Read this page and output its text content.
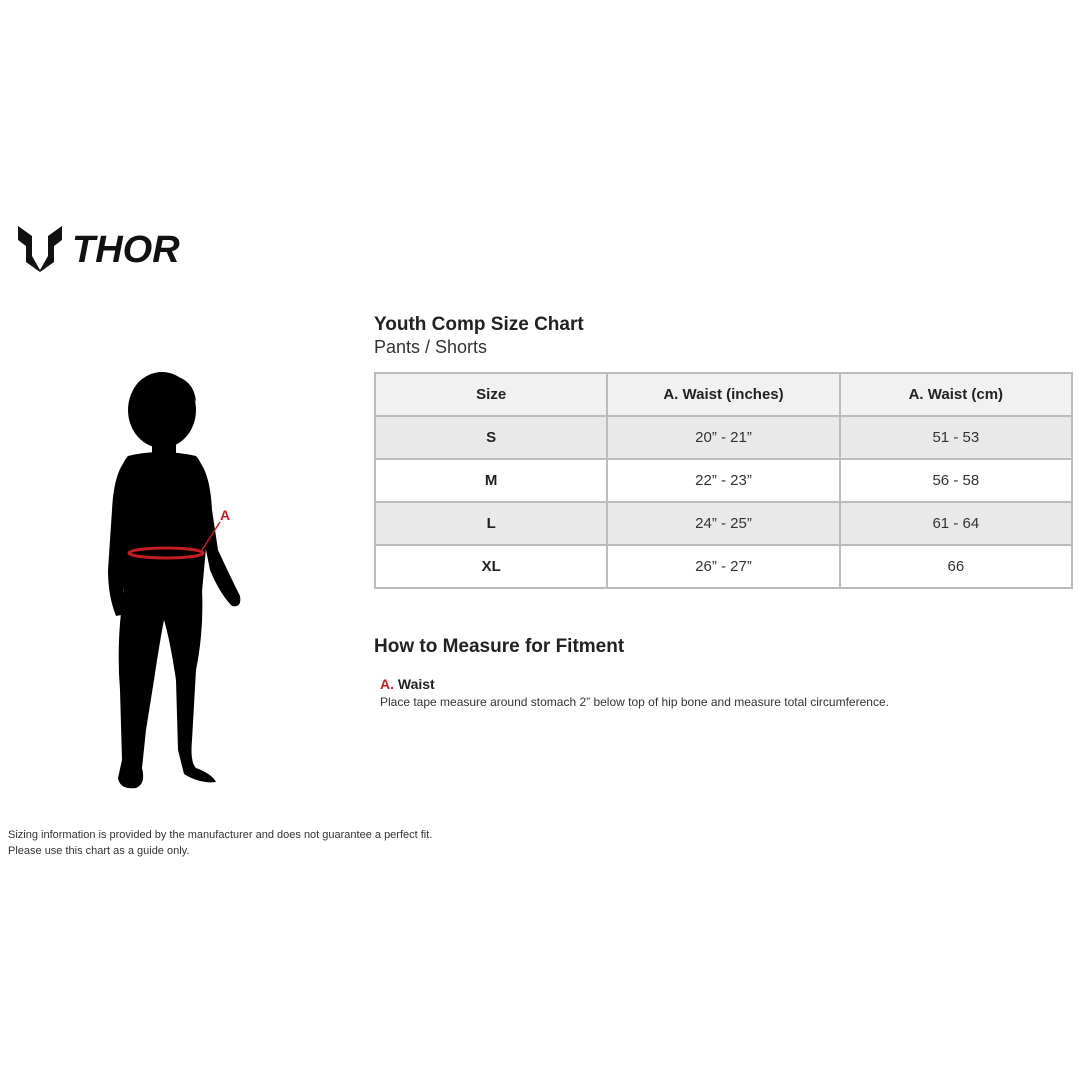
THOR
A
Youth Comp Size Chart
Pants / Shorts
Size	A. Waist (inches)	A. Waist (cm)
S	20” - 21”	51 - 53
M	22” - 23”	56 - 58
L	24” - 25”	61 - 64
XL	26” - 27”	66
How to Measure for Fitment
A. Waist
Place tape measure around stomach 2” below top of hip bone and measure total circumference.
Sizing information is provided by the manufacturer and does not guarantee a perfect fit.
Please use this chart as a guide only.
